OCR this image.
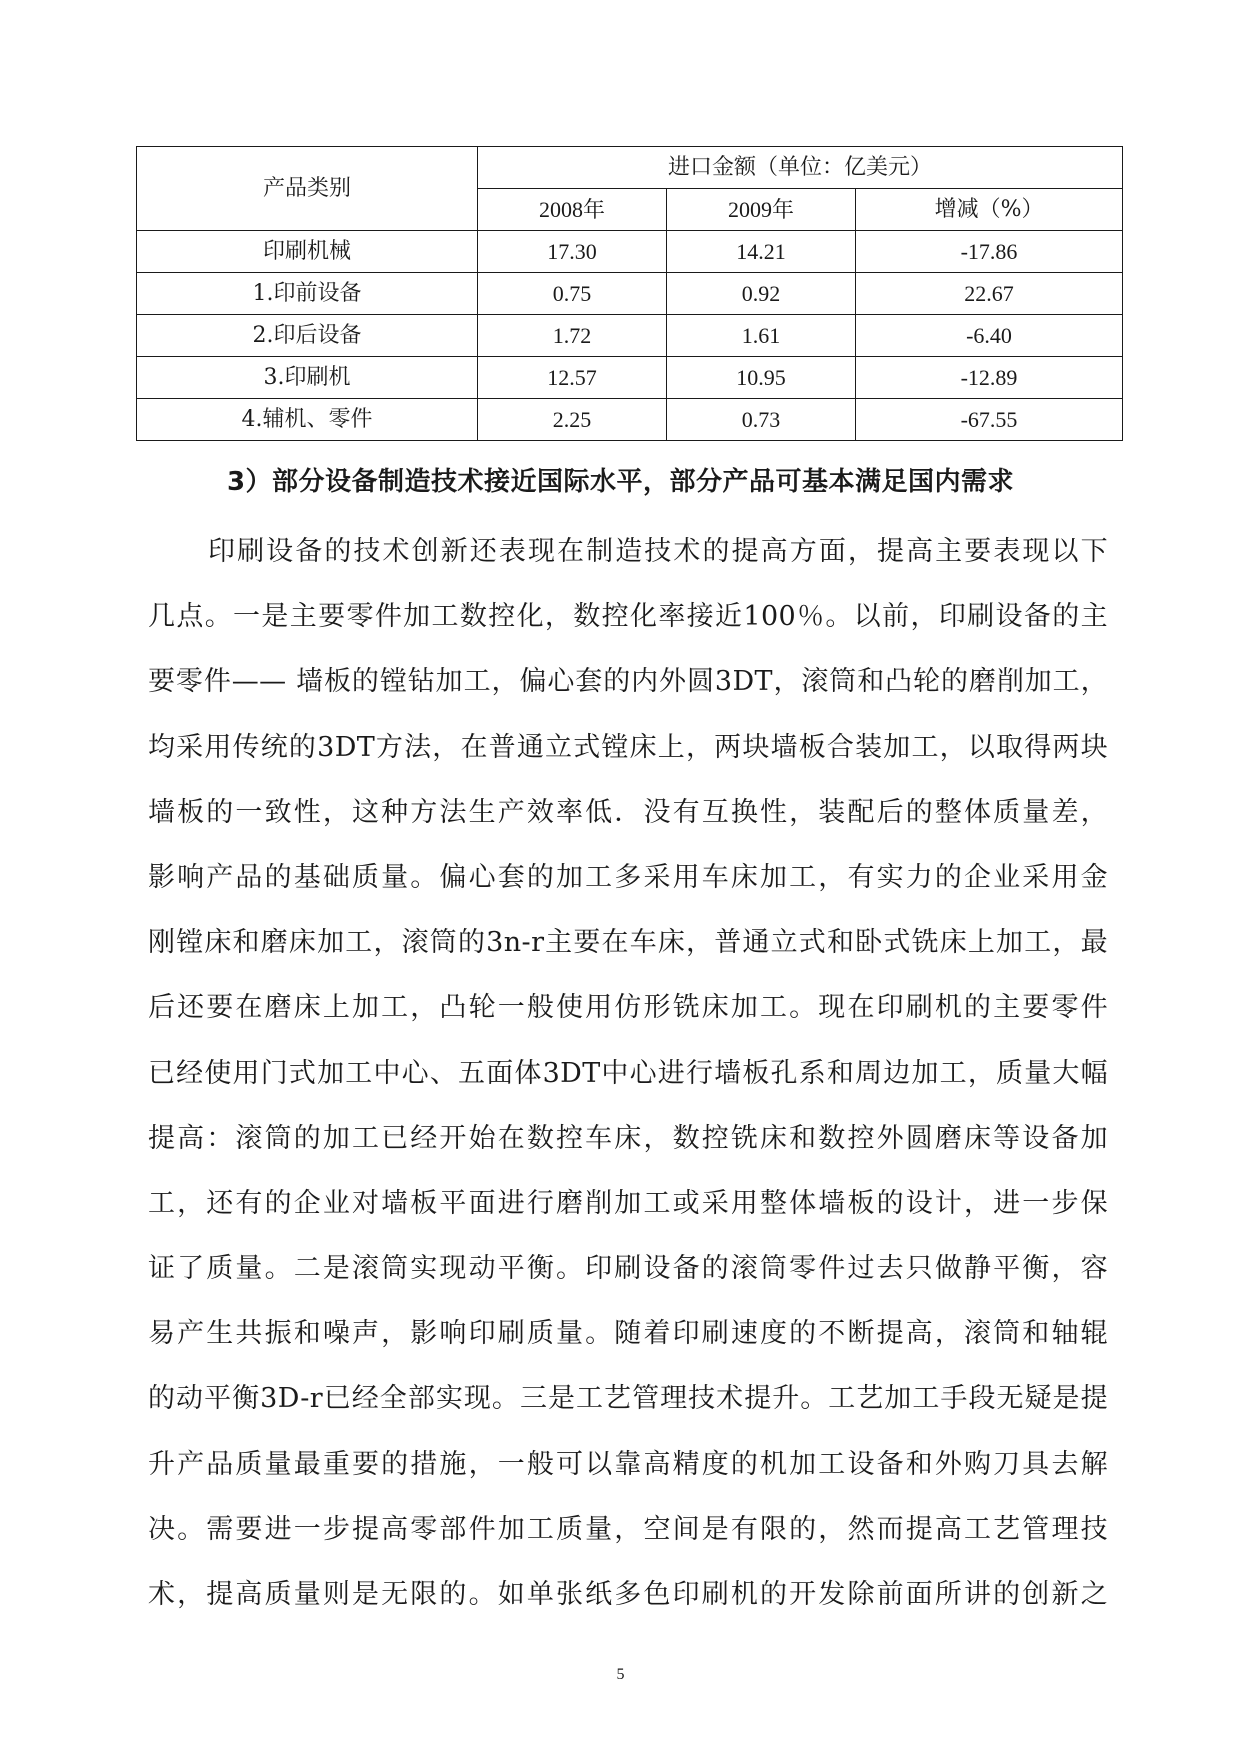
产品类别	进口金额（单位：亿美元）		
	2008年	2009年	增减（%）
印刷机械	17.30	14.21	-17.86
1.印前设备	0.75	0.92	22.67
2.印后设备	1.72	1.61	-6.40
3.印刷机	12.57	10.95	-12.89
4.辅机、零件	2.25	0.73	-67.55
3）部分设备制造技术接近国际水平，部分产品可基本满足国内需求
印刷设备的技术创新还表现在制造技术的提高方面，提高主要表现以下
几点。一是主要零件加工数控化，数控化率接近100％。以前，印刷设备的主
要零件—— 墙板的镗钻加工，偏心套的内外圆3DT，滚筒和凸轮的磨削加工，
均采用传统的3DT方法，在普通立式镗床上，两块墙板合装加工，以取得两块
墙板的一致性，这种方法生产效率低．没有互换性，装配后的整体质量差，
影响产品的基础质量。偏心套的加工多采用车床加工，有实力的企业采用金
刚镗床和磨床加工，滚筒的3n-r主要在车床，普通立式和卧式铣床上加工，最
后还要在磨床上加工，凸轮一般使用仿形铣床加工。现在印刷机的主要零件
已经使用门式加工中心、五面体3DT中心进行墙板孔系和周边加工，质量大幅
提高：滚筒的加工已经开始在数控车床，数控铣床和数控外圆磨床等设备加
工，还有的企业对墙板平面进行磨削加工或采用整体墙板的设计，进一步保
证了质量。二是滚筒实现动平衡。印刷设备的滚筒零件过去只做静平衡，容
易产生共振和噪声，影响印刷质量。随着印刷速度的不断提高，滚筒和轴辊
的动平衡3D-r已经全部实现。三是工艺管理技术提升。工艺加工手段无疑是提
升产品质量最重要的措施，一般可以靠高精度的机加工设备和外购刀具去解
决。需要进一步提高零部件加工质量，空间是有限的，然而提高工艺管理技
术，提高质量则是无限的。如单张纸多色印刷机的开发除前面所讲的创新之
5
